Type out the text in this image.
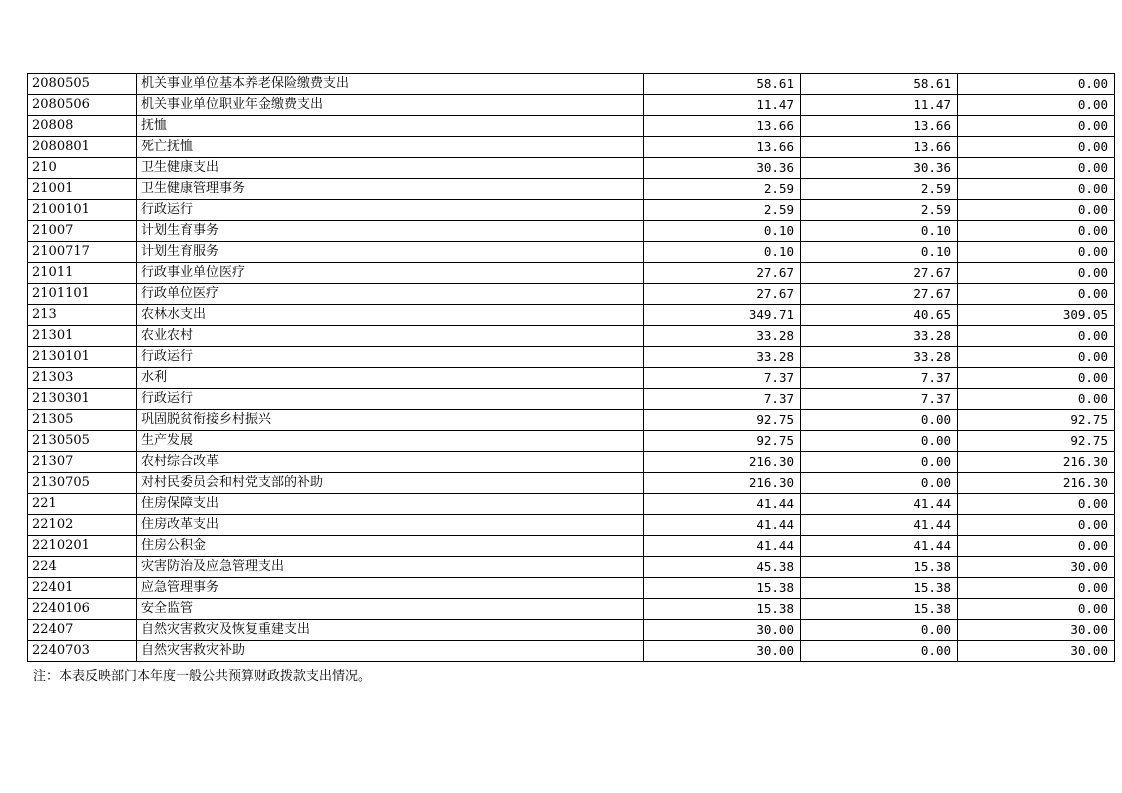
2080505	机关事业单位基本养老保险缴费支出	58.61	58.61	0.00
2080506	机关事业单位职业年金缴费支出	11.47	11.47	0.00
20808	抚恤	13.66	13.66	0.00
2080801	死亡抚恤	13.66	13.66	0.00
210	卫生健康支出	30.36	30.36	0.00
21001	卫生健康管理事务	2.59	2.59	0.00
2100101	行政运行	2.59	2.59	0.00
21007	计划生育事务	0.10	0.10	0.00
2100717	计划生育服务	0.10	0.10	0.00
21011	行政事业单位医疗	27.67	27.67	0.00
2101101	行政单位医疗	27.67	27.67	0.00
213	农林水支出	349.71	40.65	309.05
21301	农业农村	33.28	33.28	0.00
2130101	行政运行	33.28	33.28	0.00
21303	水利	7.37	7.37	0.00
2130301	行政运行	7.37	7.37	0.00
21305	巩固脱贫衔接乡村振兴	92.75	0.00	92.75
2130505	生产发展	92.75	0.00	92.75
21307	农村综合改革	216.30	0.00	216.30
2130705	对村民委员会和村党支部的补助	216.30	0.00	216.30
221	住房保障支出	41.44	41.44	0.00
22102	住房改革支出	41.44	41.44	0.00
2210201	住房公积金	41.44	41.44	0.00
224	灾害防治及应急管理支出	45.38	15.38	30.00
22401	应急管理事务	15.38	15.38	0.00
2240106	安全监管	15.38	15.38	0.00
22407	自然灾害救灾及恢复重建支出	30.00	0.00	30.00
2240703	自然灾害救灾补助	30.00	0.00	30.00
注：本表反映部门本年度一般公共预算财政拨款支出情况。
